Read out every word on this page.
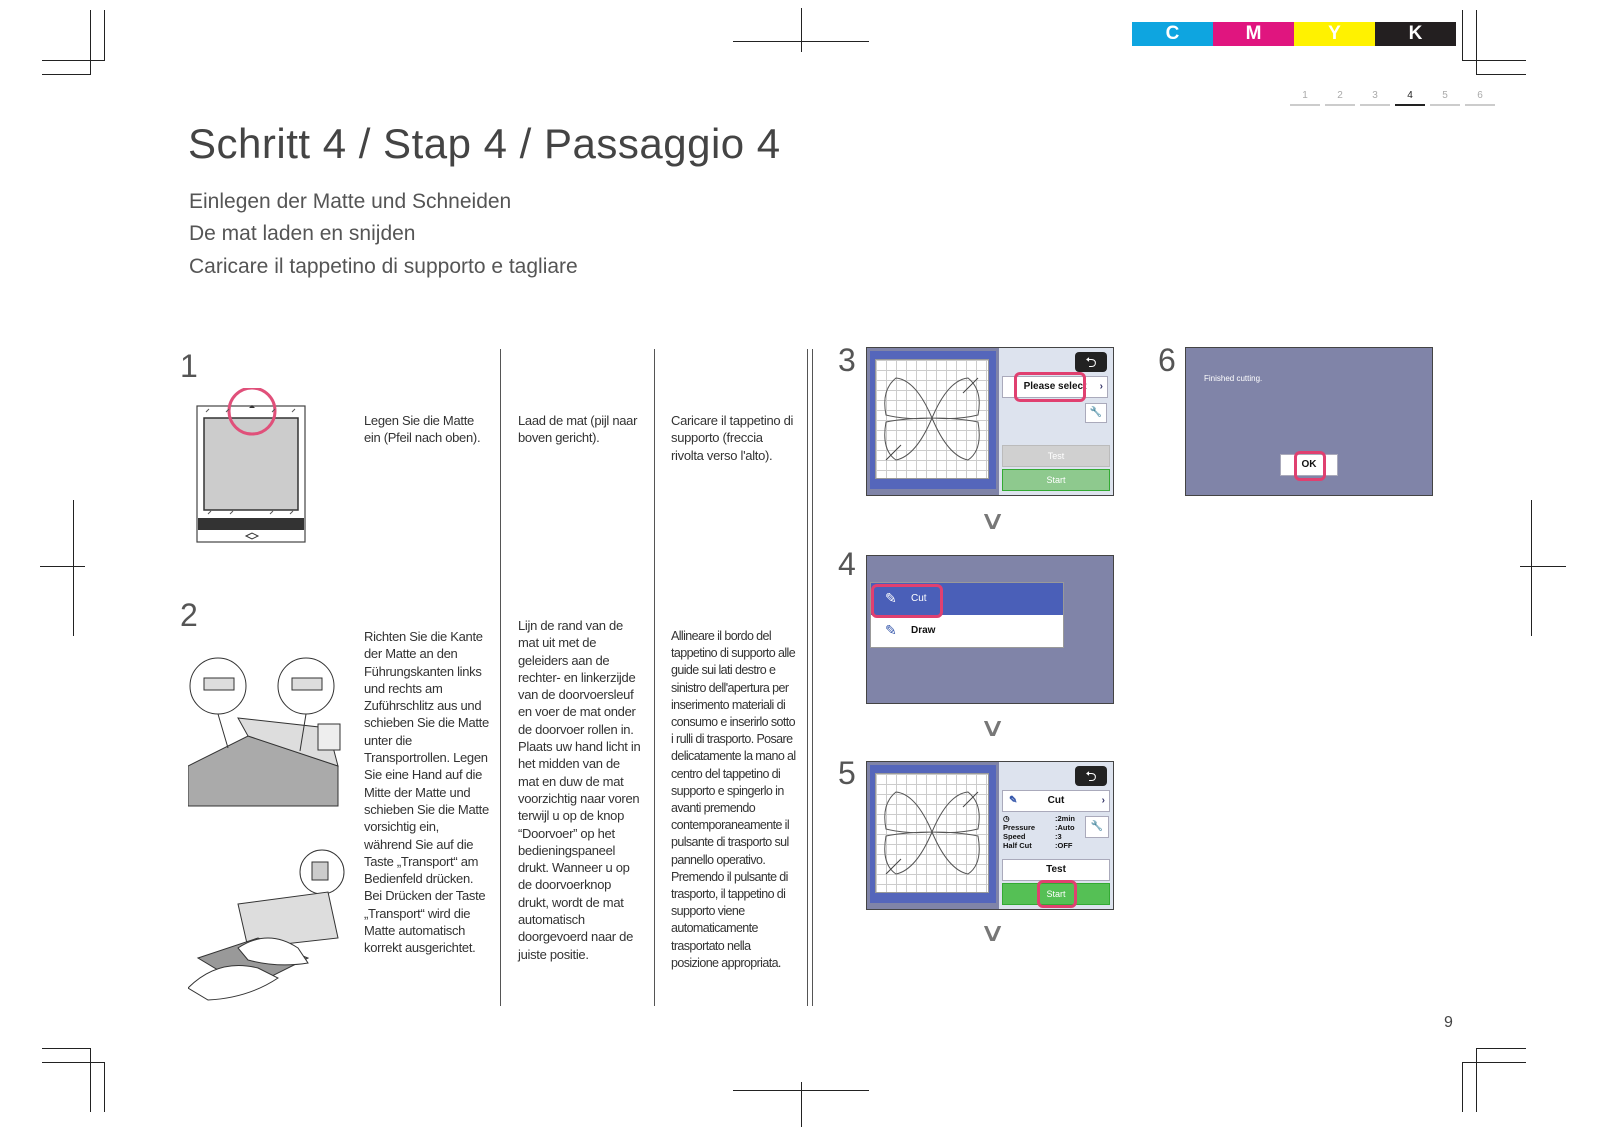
C	M	Y	K
1	2	3	4	5	6
Schritt 4 / Stap 4 / Passaggio 4
Einlegen der Matte und Schneiden
De mat laden en snijden
Caricare il tappetino di supporto e tagliare
1
Legen Sie die Matte ein (Pfeil nach oben).
Laad de mat (pijl naar boven gericht).
Caricare il tappetino di supporto (freccia rivolta verso l'alto).
2
Richten Sie die Kante der Matte an den Führungskanten links und rechts am Zuführschlitz aus und schieben Sie die Matte unter die Transportrollen. Legen Sie eine Hand auf die Mitte der Matte und schieben Sie die Matte vorsichtig ein, während Sie auf die Taste „Transport“ am Bedienfeld drücken. Bei Drücken der Taste „Transport“ wird die Matte automatisch korrekt ausgerichtet.
Lijn de rand van de mat uit met de geleiders aan de rechter- en linkerzijde van de doorvoersleuf en voer de mat onder de doorvoer rollen in. Plaats uw hand licht in het midden van de mat en duw de mat voorzichtig naar voren terwijl u op de knop “Doorvoer” op het bedieningspaneel drukt. Wanneer u op de doorvoerknop drukt, wordt de mat automatisch doorgevoerd naar de juiste positie.
Allineare il bordo del tappetino di supporto alle guide sui lati destro e sinistro dell'apertura per inserimento materiali di consumo e inserirlo sotto i rulli di trasporto. Posare delicatamente la mano al centro del tappetino di supporto e spingerlo in avanti premendo contemporaneamente il pulsante di trasporto sul pannello operativo. Premendo il pulsante di trasporto, il tappetino di supporto viene automaticamente trasportato nella posizione appropriata.
3	⮌
Please select ›
🔧
Test
Start
∨
4
✎ Cut
✎ Draw
∨
5	⮌
✎	Cut	›
◷	:2min
Pressure	:Auto
Speed	:3
Half Cut	:OFF
🔧
Test
Start
∨
6
Finished cutting.
OK
9
